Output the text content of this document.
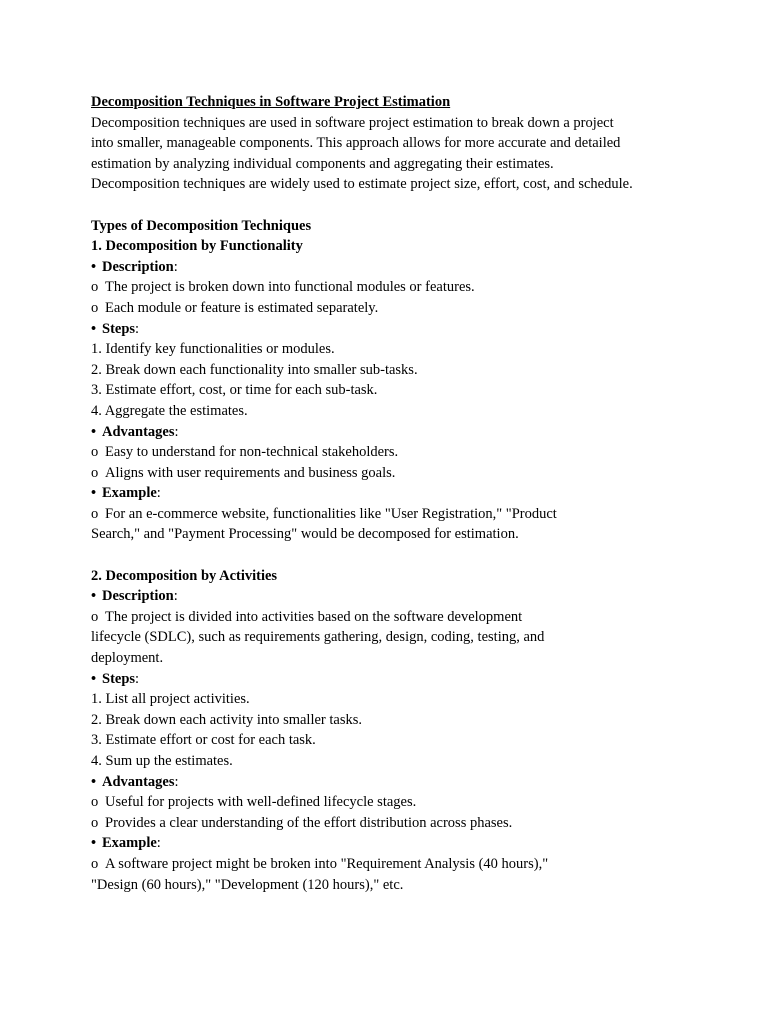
Decomposition Techniques in Software Project Estimation
Decomposition techniques are used in software project estimation to break down a project
into smaller, manageable components. This approach allows for more accurate and detailed
estimation by analyzing individual components and aggregating their estimates.
Decomposition techniques are widely used to estimate project size, effort, cost, and schedule.
Types of Decomposition Techniques
1. Decomposition by Functionality
• Description:
o The project is broken down into functional modules or features.
o Each module or feature is estimated separately.
• Steps:
1. Identify key functionalities or modules.
2. Break down each functionality into smaller sub-tasks.
3. Estimate effort, cost, or time for each sub-task.
4. Aggregate the estimates.
• Advantages:
o Easy to understand for non-technical stakeholders.
o Aligns with user requirements and business goals.
• Example:
o For an e-commerce website, functionalities like "User Registration," "Product
Search," and "Payment Processing" would be decomposed for estimation.
2. Decomposition by Activities
• Description:
o The project is divided into activities based on the software development
lifecycle (SDLC), such as requirements gathering, design, coding, testing, and
deployment.
• Steps:
1. List all project activities.
2. Break down each activity into smaller tasks.
3. Estimate effort or cost for each task.
4. Sum up the estimates.
• Advantages:
o Useful for projects with well-defined lifecycle stages.
o Provides a clear understanding of the effort distribution across phases.
• Example:
o A software project might be broken into "Requirement Analysis (40 hours),"
"Design (60 hours)," "Development (120 hours)," etc.
